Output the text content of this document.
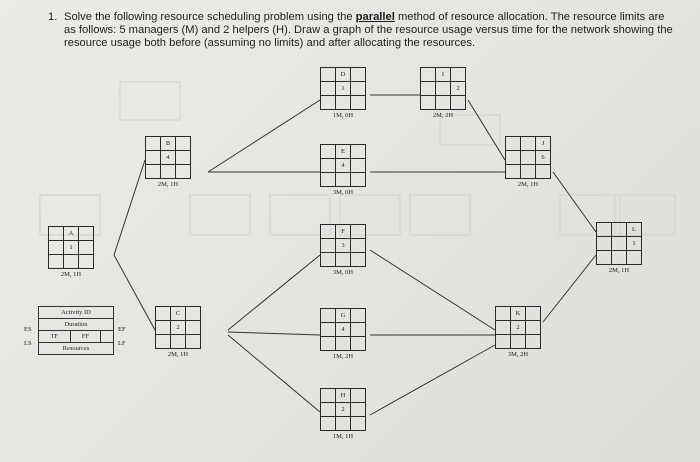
1. Solve the following resource scheduling problem using the parallel method of resource allocation. The resource limits are as follows: 5 managers (M) and 2 helpers (H). Draw a graph of the resource usage versus time for the network showing the resource usage both before (assuming no limits) and after allocating the resources.
	A	
	1	

2M, 1H
	B	
	4	

2M, 1H
	C	
	2	

2M, 1H
	D	
	1	

1M, 0H
	E	
	4	

3M, 0H
	F	
	3	

3M, 0H
	G	
	4	

1M, 2H
	H	
	2	

1M, 1H
	I	
		2

2M, 2H
		J
		6

2M, 1H
	K	
	2	

3M, 2H
		L
		1

2M, 1H
ES
LS
EF
LF
Activity ID
Duration
TF	FF	
Resources
